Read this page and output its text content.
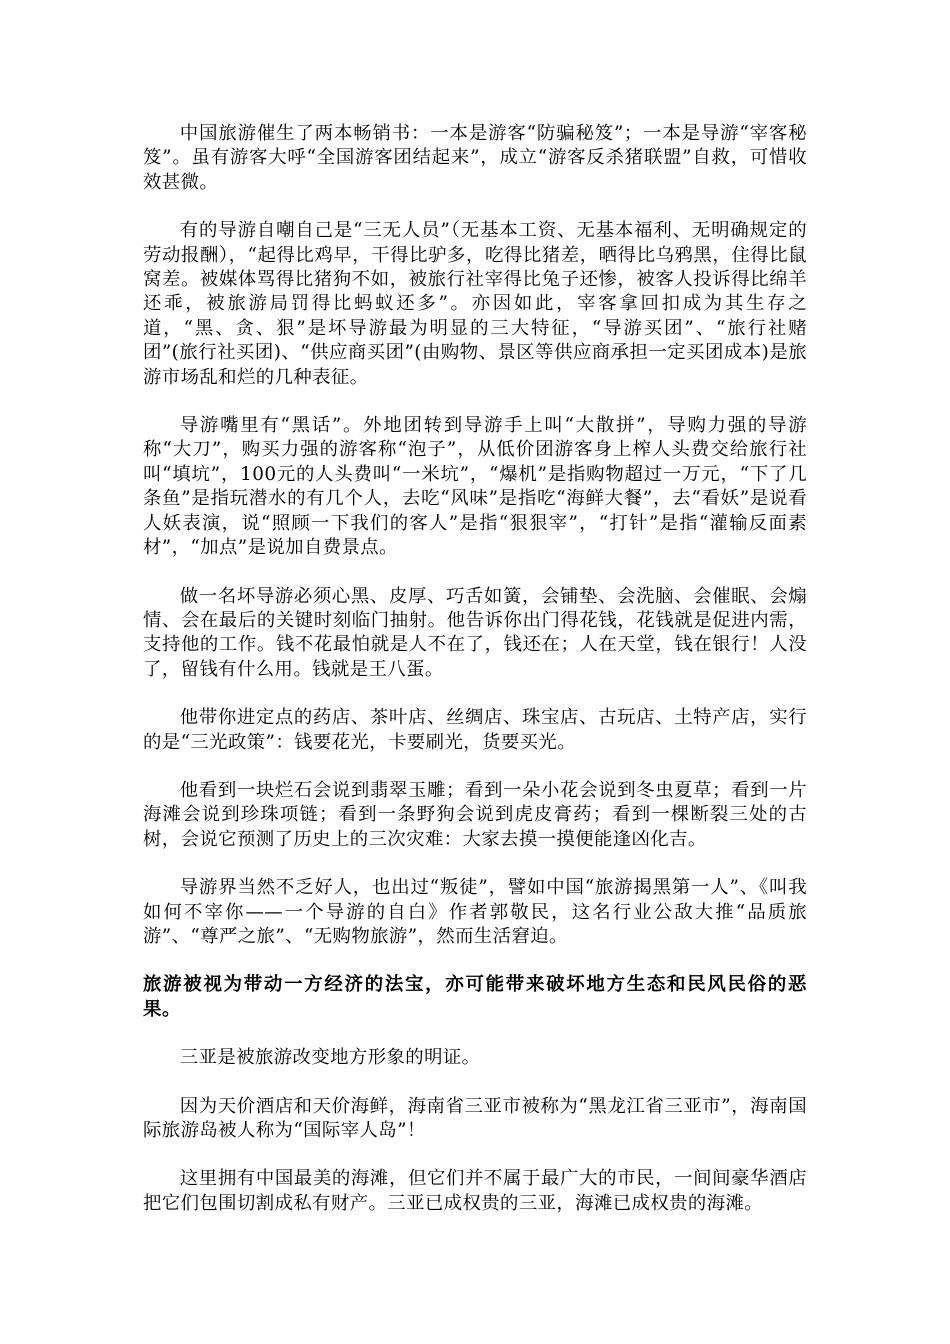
中国旅游催生了两本畅销书：一本是游客“防骗秘笈”；一本是导游“宰客秘笈”。虽有游客大呼“全国游客团结起来”，成立“游客反杀猪联盟”自救，可惜收效甚微。

有的导游自嘲自己是“三无人员”（无基本工资、无基本福利、无明确规定的劳动报酬），“起得比鸡早，干得比驴多，吃得比猪差，晒得比乌鸦黑，住得比鼠窝差。被媒体骂得比猪狗不如，被旅行社宰得比兔子还惨，被客人投诉得比绵羊还乖，被旅游局罚得比蚂蚁还多”。亦因如此，宰客拿回扣成为其生存之道，“黑、贪、狠”是坏导游最为明显的三大特征，“导游买团”、“旅行社赌团”(旅行社买团)、“供应商买团”(由购物、景区等供应商承担一定买团成本)是旅游市场乱和烂的几种表征。

导游嘴里有“黑话”。外地团转到导游手上叫“大散拼”，导购力强的导游称“大刀”，购买力强的游客称“泡子”，从低价团游客身上榨人头费交给旅行社叫“填坑”，100元的人头费叫“一米坑”，“爆机”是指购物超过一万元，“下了几条鱼”是指玩潜水的有几个人，去吃“风味”是指吃“海鲜大餐”，去“看妖”是说看人妖表演，说“照顾一下我们的客人”是指“狠狠宰”，“打针”是指“灌输反面素材”，“加点”是说加自费景点。

做一名坏导游必须心黑、皮厚、巧舌如簧，会铺垫、会洗脑、会催眠、会煽情、会在最后的关键时刻临门抽射。他告诉你出门得花钱，花钱就是促进内需，支持他的工作。钱不花最怕就是人不在了，钱还在；人在天堂，钱在银行！人没了，留钱有什么用。钱就是王八蛋。

他带你进定点的药店、茶叶店、丝绸店、珠宝店、古玩店、土特产店，实行的是“三光政策”：钱要花光，卡要刷光，货要买光。

他看到一块烂石会说到翡翠玉雕；看到一朵小花会说到冬虫夏草；看到一片海滩会说到珍珠项链；看到一条野狗会说到虎皮膏药；看到一棵断裂三处的古树，会说它预测了历史上的三次灾难：大家去摸一摸便能逢凶化吉。

导游界当然不乏好人，也出过“叛徒”，譬如中国“旅游揭黑第一人”、《叫我如何不宰你——一个导游的自白》作者郭敬民，这名行业公敌大推“品质旅游”、“尊严之旅”、“无购物旅游”，然而生活窘迫。

旅游被视为带动一方经济的法宝，亦可能带来破坏地方生态和民风民俗的恶果。

三亚是被旅游改变地方形象的明证。

因为天价酒店和天价海鲜，海南省三亚市被称为“黑龙江省三亚市”，海南国际旅游岛被人称为“国际宰人岛”！

这里拥有中国最美的海滩，但它们并不属于最广大的市民，一间间豪华酒店把它们包围切割成私有财产。三亚已成权贵的三亚，海滩已成权贵的海滩。
